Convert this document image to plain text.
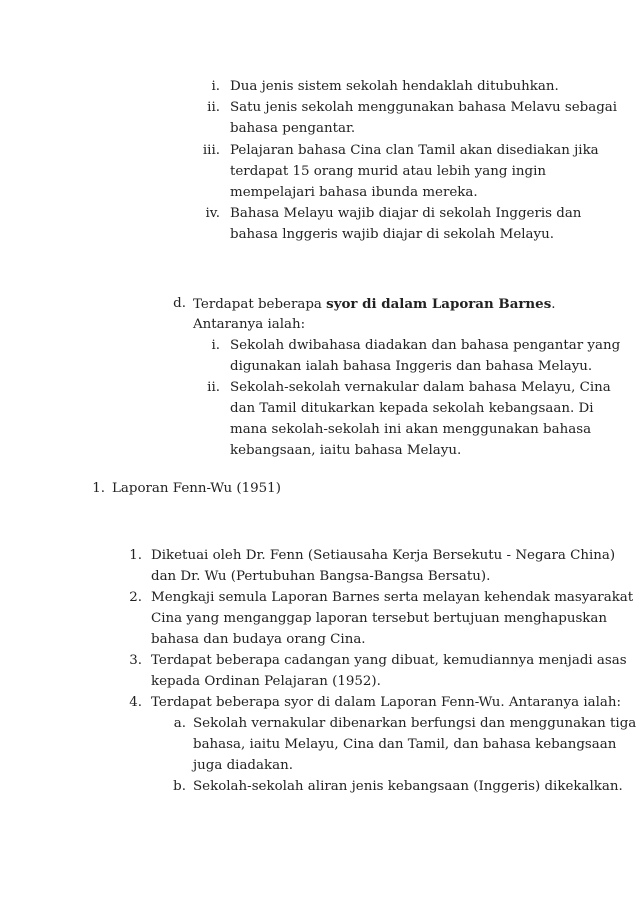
i. Dua jenis sistem sekolah hendaklah ditubuhkan.
ii. Satu jenis sekolah menggunakan bahasa Melavu sebagai
bahasa pengantar.
iii. Pelajaran bahasa Cina clan Tamil akan disediakan jika
terdapat 15 orang murid atau lebih yang ingin
mempelajari bahasa ibunda mereka.
iv. Bahasa Melayu wajib diajar di sekolah Inggeris dan
bahasa lnggeris wajib diajar di sekolah Melayu.
d. Terdapat beberapa syor di dalam Laporan Barnes.
Antaranya ialah:
i. Sekolah dwibahasa diadakan dan bahasa pengantar yang
digunakan ialah bahasa Inggeris dan bahasa Melayu.
ii. Sekolah-sekolah vernakular dalam bahasa Melayu, Cina
dan Tamil ditukarkan kepada sekolah kebangsaan. Di
mana sekolah-sekolah ini akan menggunakan bahasa
kebangsaan, iaitu bahasa Melayu.
1. Laporan Fenn-Wu (1951)
1. Diketuai oleh Dr. Fenn (Setiausaha Kerja Bersekutu - Negara China)
dan Dr. Wu (Pertubuhan Bangsa-Bangsa Bersatu).
2. Mengkaji semula Laporan Barnes serta melayan kehendak masyarakat
Cina yang menganggap laporan tersebut bertujuan menghapuskan
bahasa dan budaya orang Cina.
3. Terdapat beberapa cadangan yang dibuat, kemudiannya menjadi asas
kepada Ordinan Pelajaran (1952).
4. Terdapat beberapa syor di dalam Laporan Fenn-Wu. Antaranya ialah:
a. Sekolah vernakular dibenarkan berfungsi dan menggunakan tiga
bahasa, iaitu Melayu, Cina dan Tamil, dan bahasa kebangsaan
juga diadakan.
b. Sekolah-sekolah aliran jenis kebangsaan (Inggeris) dikekalkan.
